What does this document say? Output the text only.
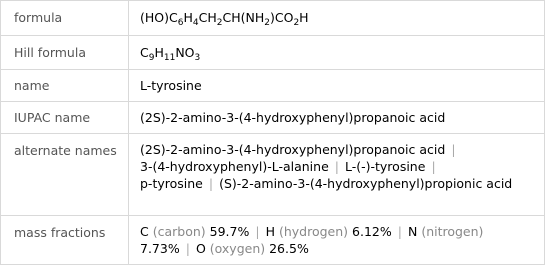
formula	$(HO)C_6H_4CH_2CH(NH_2)CO_2H$
Hill formula	$C_9H_{11}NO_3$
name	L-tyrosine
IUPAC name	(2S)-2-amino-3-(4-hydroxyphenyl)propanoic acid
alternate names	(2S)-2-amino-3-(4-hydroxyphenyl)propanoic acid |
3-(4-hydroxyphenyl)-L-alanine | L-(-)-tyrosine |
p-tyrosine | (S)-2-amino-3-(4-hydroxyphenyl)propionic acid
mass fractions	C (carbon) 59.7% | H (hydrogen) 6.12% | N (nitrogen)
7.73% | O (oxygen) 26.5%
